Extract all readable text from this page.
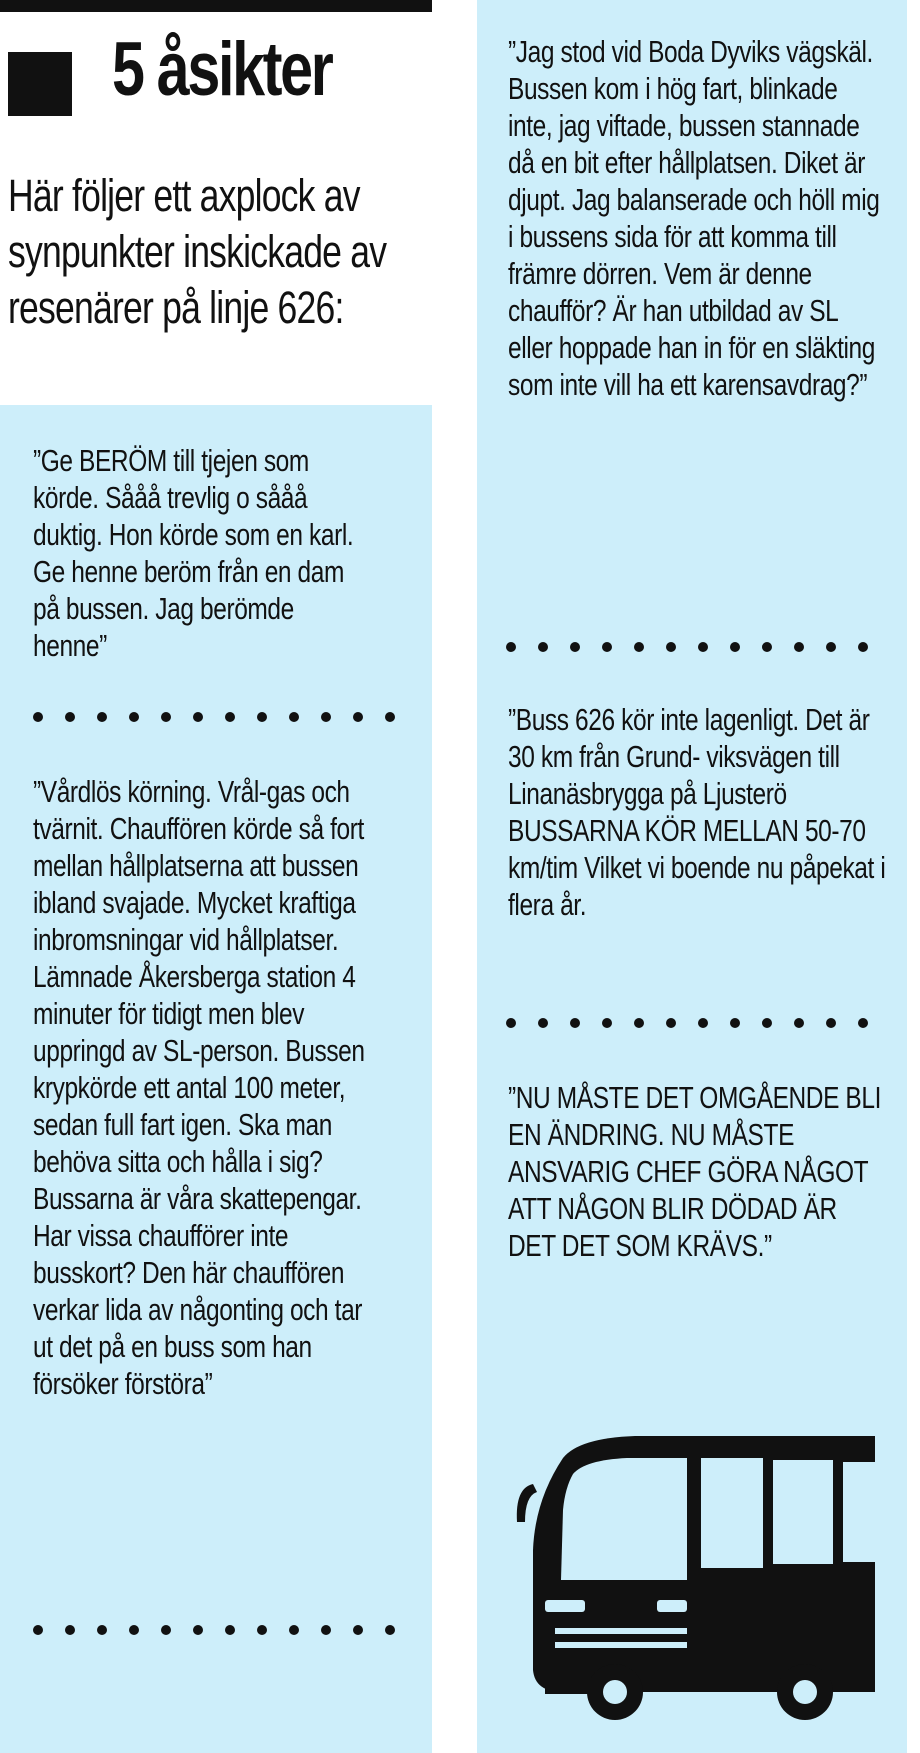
5 åsikter

Här följer ett axplock av synpunkter inskickade av resenärer på linje 626:

”Ge BERÖM till tjejen som körde. Sååå trevlig o sååå duktig. Hon körde som en karl. Ge henne beröm från en dam på bussen. Jag berömde henne”

”Vårdlös körning. Vrål-gas och tvärnit. Chauffören körde så fort mellan hållplatserna att bussen ibland svajade. Mycket kraftiga inbromsningar vid hållplatser. Lämnade Åkersberga station 4 minuter för tidigt men blev uppringd av SL-person. Bussen krypkörde ett antal 100 meter, sedan full fart igen. Ska man behöva sitta och hålla i sig? Bussarna är våra skattepengar. Har vissa chaufförer inte busskort? Den här chauffören verkar lida av någonting och tar ut det på en buss som han försöker förstöra”

”Jag stod vid Boda Dyviks vägskäl. Bussen kom i hög fart, blinkade inte, jag viftade, bussen stannade då en bit efter hållplatsen. Diket är djupt. Jag balanserade och höll mig i bussens sida för att komma till främre dörren. Vem är denne chaufför? Är han utbildad av SL eller hoppade han in för en släkting som inte vill ha ett karensavdrag?”

”Buss 626 kör inte lagenligt. Det är 30 km från Grund- viksvägen till Linanäsbrygga på Ljusterö BUSSARNA KÖR MELLAN 50-70 km/tim Vilket vi boende nu påpekat i flera år.

”NU MÅSTE DET OMGÅENDE BLI EN ÄNDRING. NU MÅSTE ANSVARIG CHEF GÖRA NÅGOT ATT NÅGON BLIR DÖDAD ÄR DET DET SOM KRÄVS.”
